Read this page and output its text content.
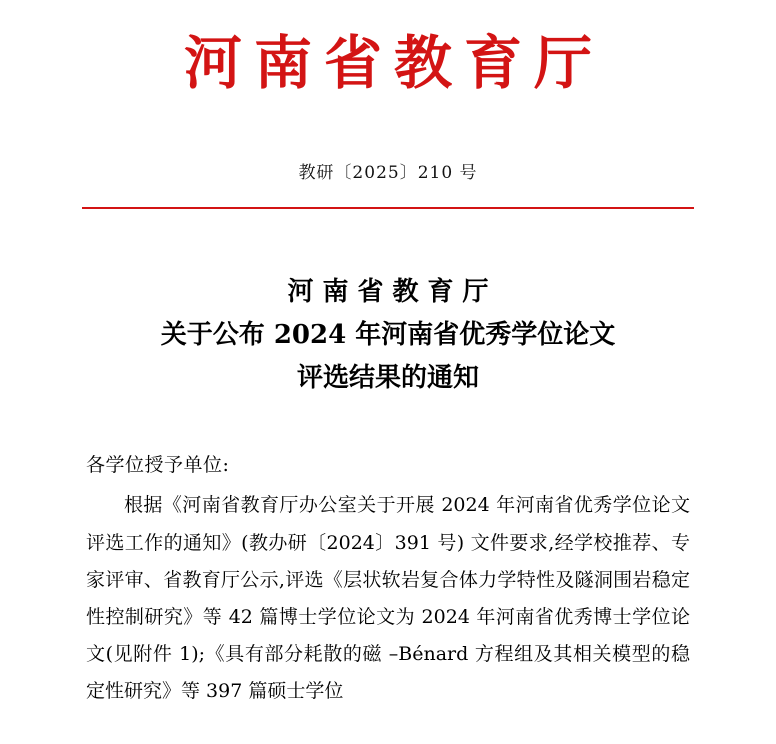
河南省教育厅
教研〔2025〕210 号
河南省教育厅
关于公布 2024 年河南省优秀学位论文
评选结果的通知
各学位授予单位:
根据《河南省教育厅办公室关于开展 2024 年河南省优秀学位论文评选工作的通知》(教办研〔2024〕391 号) 文件要求,经学校推荐、专家评审、省教育厅公示,评选《层状软岩复合体力学特性及隧洞围岩稳定性控制研究》等 42 篇博士学位论文为 2024 年河南省优秀博士学位论文(见附件 1);《具有部分耗散的磁 –Bénard 方程组及其相关模型的稳定性研究》等 397 篇硕士学位
